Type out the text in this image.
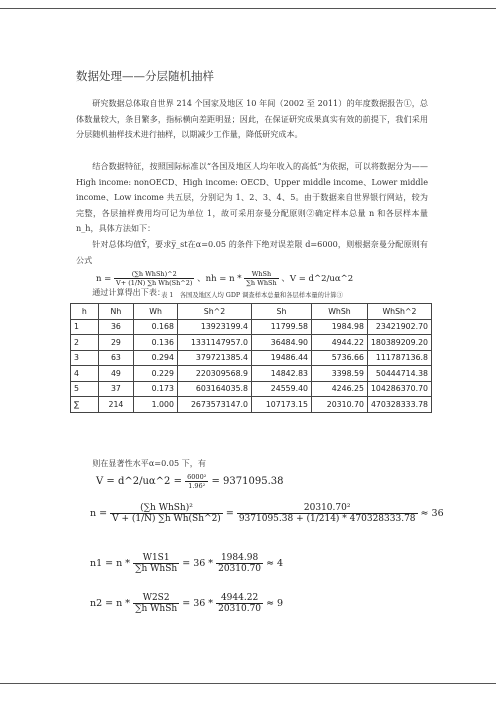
数据处理——分层随机抽样
研究数据总体取自世界 214 个国家及地区 10 年间（2002 至 2011）的年度数据报告①，总体数量较大，条目繁多，指标横向差距明显；因此，在保证研究成果真实有效的前提下，我们采用分层随机抽样技术进行抽样，以期减少工作量，降低研究成本。
结合数据特征，按照国际标准以“各国及地区人均年收入的高低”为依据，可以将数据分为——High income: nonOECD、High income: OECD、Upper middle income、Lower middle income、Low income 共五层，分别记为 1、2、3、4、5。由于数据来自世界银行网站，较为完整，各层抽样费用均可记为单位 1，故可采用奈曼分配原则②确定样本总量 n 和各层样本量n_h，具体方法如下：
针对总体均值Ȳ，要求y̅_st在α=0.05 的条件下绝对误差限 d=6000，则根据奈曼分配原则有公式
$n = \frac{\text{(∑h WhSh)\textasciicircum{}2}}{\text{V+ (1/N) ∑h Wh(Sh\textasciicircum{}2)}}$ 、nh = n * $\frac{\text{WhSh}}{\text{∑h WhSh}}$ 、V = d^2/uα^2
通过计算得出下表：
表 1　各国及地区人均 GDP 调查样本总量和各层样本量的计算③
h	Nh	Wh	Sh^2	Sh	WhSh	WhSh^2
1	36	0.168	13923199.4	11799.58	1984.98	23421902.70
2	29	0.136	1331147957.0	36484.90	4944.22	180389209.20
3	63	0.294	379721385.4	19486.44	5736.66	111787136.8
4	49	0.229	220309568.9	14842.83	3398.59	50444714.38
5	37	0.173	603164035.8	24559.40	4246.25	104286370.70
∑	214	1.000	2673573147.0	107173.15	20310.70	470328333.78
则在显著性水平α=0.05 下，有
V = d^2/uα^2 = $\frac{\text{6000²}}{\text{1.96²}} = 9371095.38$
$n = \frac{\text{(∑h WhSh)²}}{\text{V + (1/N) ∑h Wh(Sh\textasciicircum{}2)}} = \frac{\text{20310.70²}}{9371095.38 + (1/214) * 470328333.78} \approx 36$
$n1 = n * \frac{W1S1}{\text{∑h WhSh}} = 36 * \frac{1984.98}{20310.70} \approx 4$
$n2 = n * \frac{W2S2}{\text{∑h WhSh}} = 36 * \frac{4944.22}{20310.70} \approx 9$
